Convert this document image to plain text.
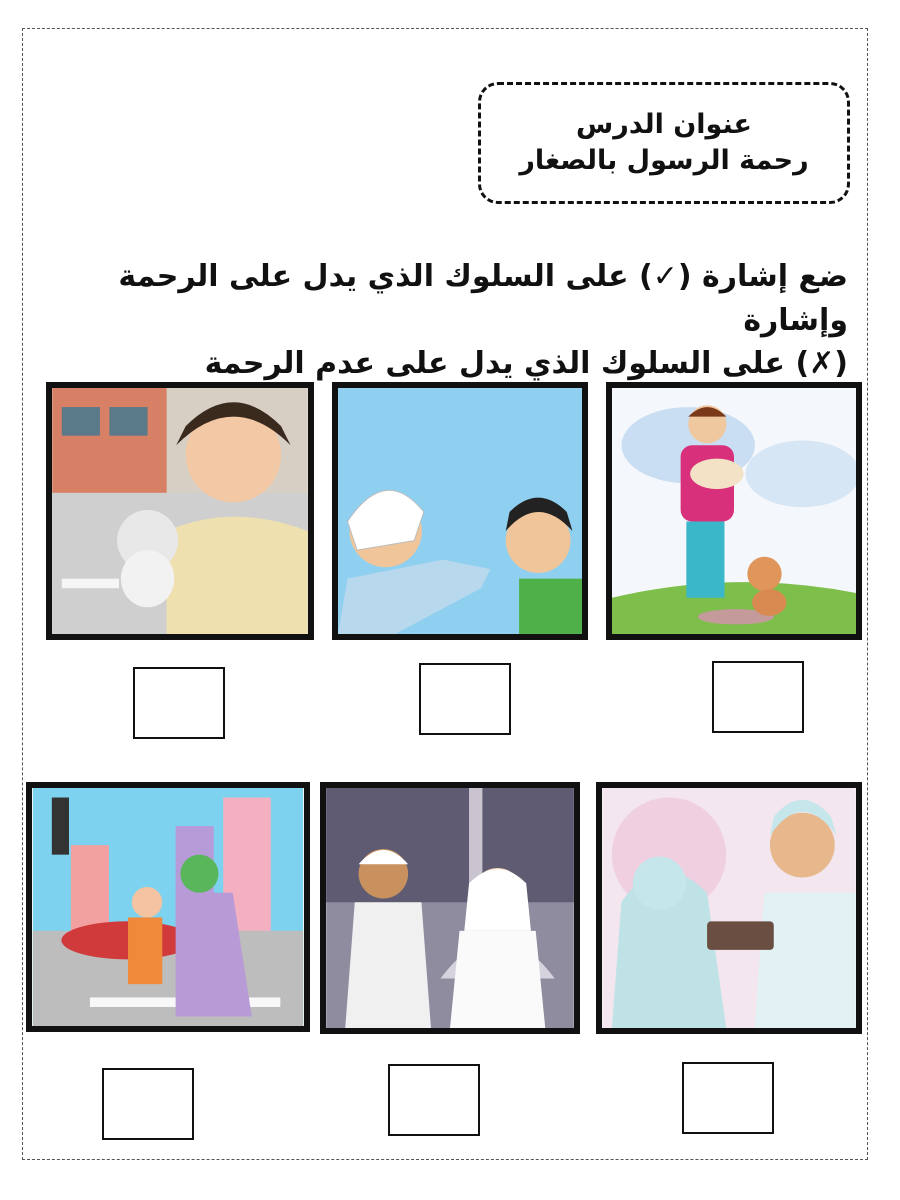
عنوان الدرس
رحمة الرسول بالصغار
ضع إشارة (✓) على السلوك الذي يدل على الرحمة وإشارة
(✗) على السلوك الذي يدل على عدم الرحمة
